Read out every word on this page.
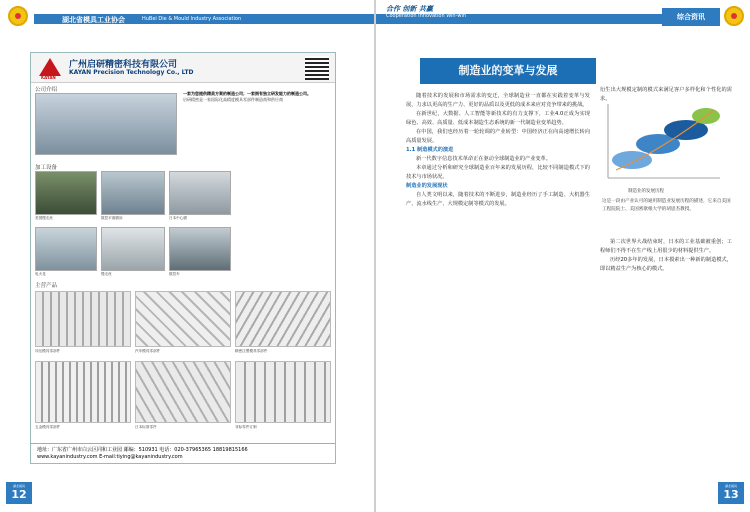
湖北省模具工业协会	HuBei Die & Mould Industry Association
KAYAN
广州启研精密科技有限公司
KAYAN Precision Technology Co., LTD
公司介绍
一家为您提供精美方案的制造公司；一家拥有独立研发能力的制造公司。
启研精密是一家国际化高精度模具零部件制造商和供应商
加工设备
美国慢走丝	数控平面磨床	日本中心磨
电火花	慢走丝	数控车
主营产品
冲压模具零部件	汽车模具零部件	精密注塑模具零部件
五金模具零部件	日本标准零件	非标零件订制
地址：广东省广州市白云区同和工业园 邮编：510931 电话：020-37965365 18819815166
www.kayanindustry.com E-mail:tiying@kayanindustry.com
湖北模具
12
合作 创新 共赢
Cooperation Innovation Win-win	综合资讯
制造业的变革与发展

随着技术的发展和市场需求的变迁，全球制造业一直都在实践着变革与发展，力求以更高的生产力、更好的品质以及更低的成本来应对竞争带来的挑战。

在新世纪，大数据、人工智能等新技术的有力支撑下，工业4.0正成为实现绿色、高效、高质量、低成本制造生态系统的新一代制造业变革趋势。

在中国，我们也经历着一轮轮调的产业转型：中国经济正在向高速增长转向高质量发展。

1.1 制造模式的演进

新一代数字信息技术革命正在驱动全球制造业的产业变革。

本章通过分析和研究全球制造业百年来的发展历程，比较不同制造模式下的技术与市场状况。

制造业的发展现状

自人类文明以来，随着技术的不断进步，制造业经历了手工制造、大机器生产、流水线生产、大规模定制等模式的发展。

衍生出大规模定制的模式来满足客户多样化和个性化的需求。
制造业的发展历程
这是一段由产业认可的通用制造业发展历程的描述，它来自美国工程院院士、美国密歇根大学的胡思杰教授。

第二次世界大战结束时，日本的工业基础被重创；工程师们不得不在生产线上用很少的材料提供生产。

历经20多年的发展，日本摸索出一种新的制造模式，即以精益生产为核心的模式。

湖北模具
13
